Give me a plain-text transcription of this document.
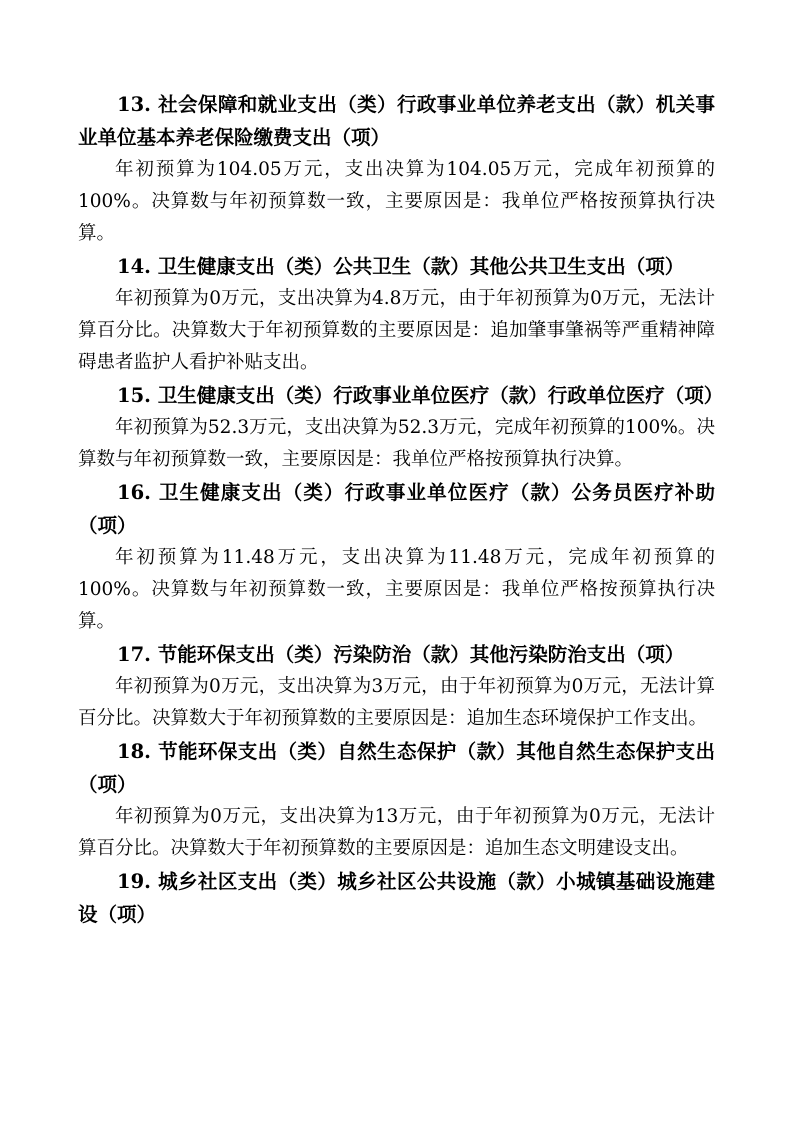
13. 社会保障和就业支出（类）行政事业单位养老支出（款）机关事业单位基本养老保险缴费支出（项）

年初预算为104.05万元，支出决算为104.05万元，完成年初预算的100%。决算数与年初预算数一致，主要原因是：我单位严格按预算执行决算。

14. 卫生健康支出（类）公共卫生（款）其他公共卫生支出（项）

年初预算为0万元，支出决算为4.8万元，由于年初预算为0万元，无法计算百分比。决算数大于年初预算数的主要原因是：追加肇事肇祸等严重精神障碍患者监护人看护补贴支出。

15. 卫生健康支出（类）行政事业单位医疗（款）行政单位医疗（项）

年初预算为52.3万元，支出决算为52.3万元，完成年初预算的100%。决算数与年初预算数一致，主要原因是：我单位严格按预算执行决算。

16. 卫生健康支出（类）行政事业单位医疗（款）公务员医疗补助（项）

年初预算为11.48万元，支出决算为11.48万元，完成年初预算的100%。决算数与年初预算数一致，主要原因是：我单位严格按预算执行决算。

17. 节能环保支出（类）污染防治（款）其他污染防治支出（项）

年初预算为0万元，支出决算为3万元，由于年初预算为0万元，无法计算百分比。决算数大于年初预算数的主要原因是：追加生态环境保护工作支出。

18. 节能环保支出（类）自然生态保护（款）其他自然生态保护支出（项）

年初预算为0万元，支出决算为13万元，由于年初预算为0万元，无法计算百分比。决算数大于年初预算数的主要原因是：追加生态文明建设支出。

19. 城乡社区支出（类）城乡社区公共设施（款）小城镇基础设施建设（项）
